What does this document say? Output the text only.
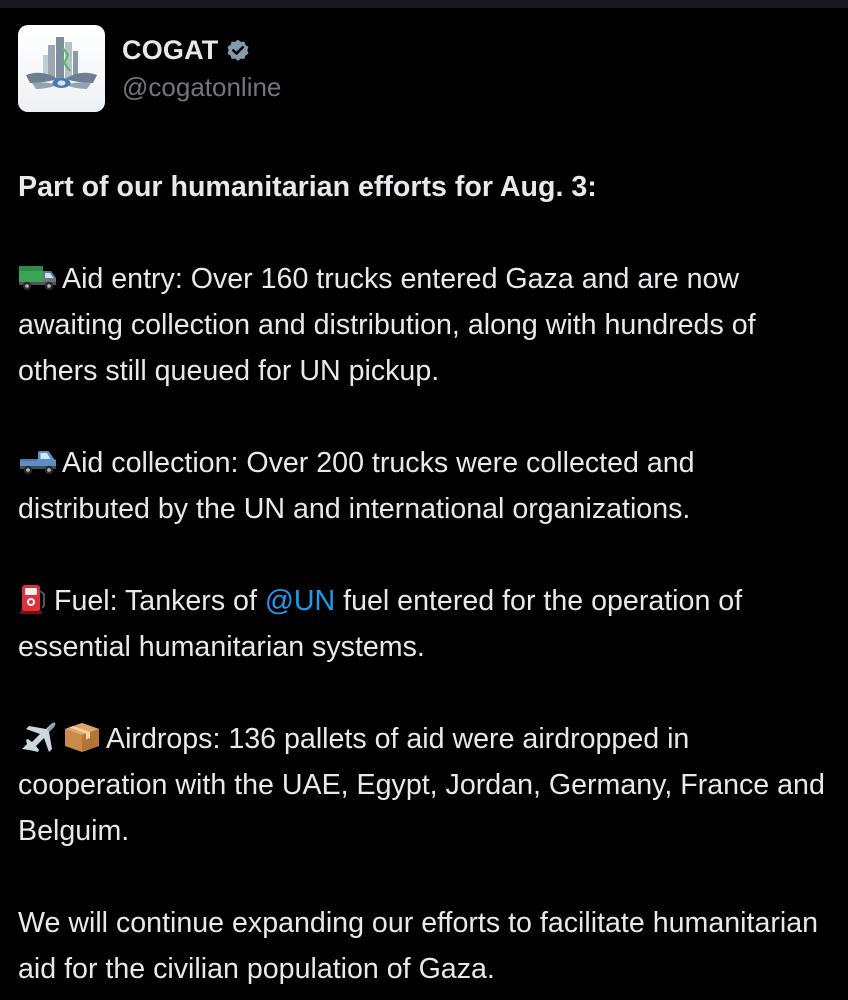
COGAT
@cogatonline

Part of our humanitarian efforts for Aug. 3:

Aid entry: Over 160 trucks entered Gaza and are now awaiting collection and distribution, along with hundreds of others still queued for UN pickup.

Aid collection: Over 200 trucks were collected and distributed by the UN and international organizations.

Fuel: Tankers of @UN fuel entered for the operation of essential humanitarian systems.

Airdrops: 136 pallets of aid were airdropped in cooperation with the UAE, Egypt, Jordan, Germany, France and Belguim.

We will continue expanding our efforts to facilitate humanitarian aid for the civilian population of Gaza.
